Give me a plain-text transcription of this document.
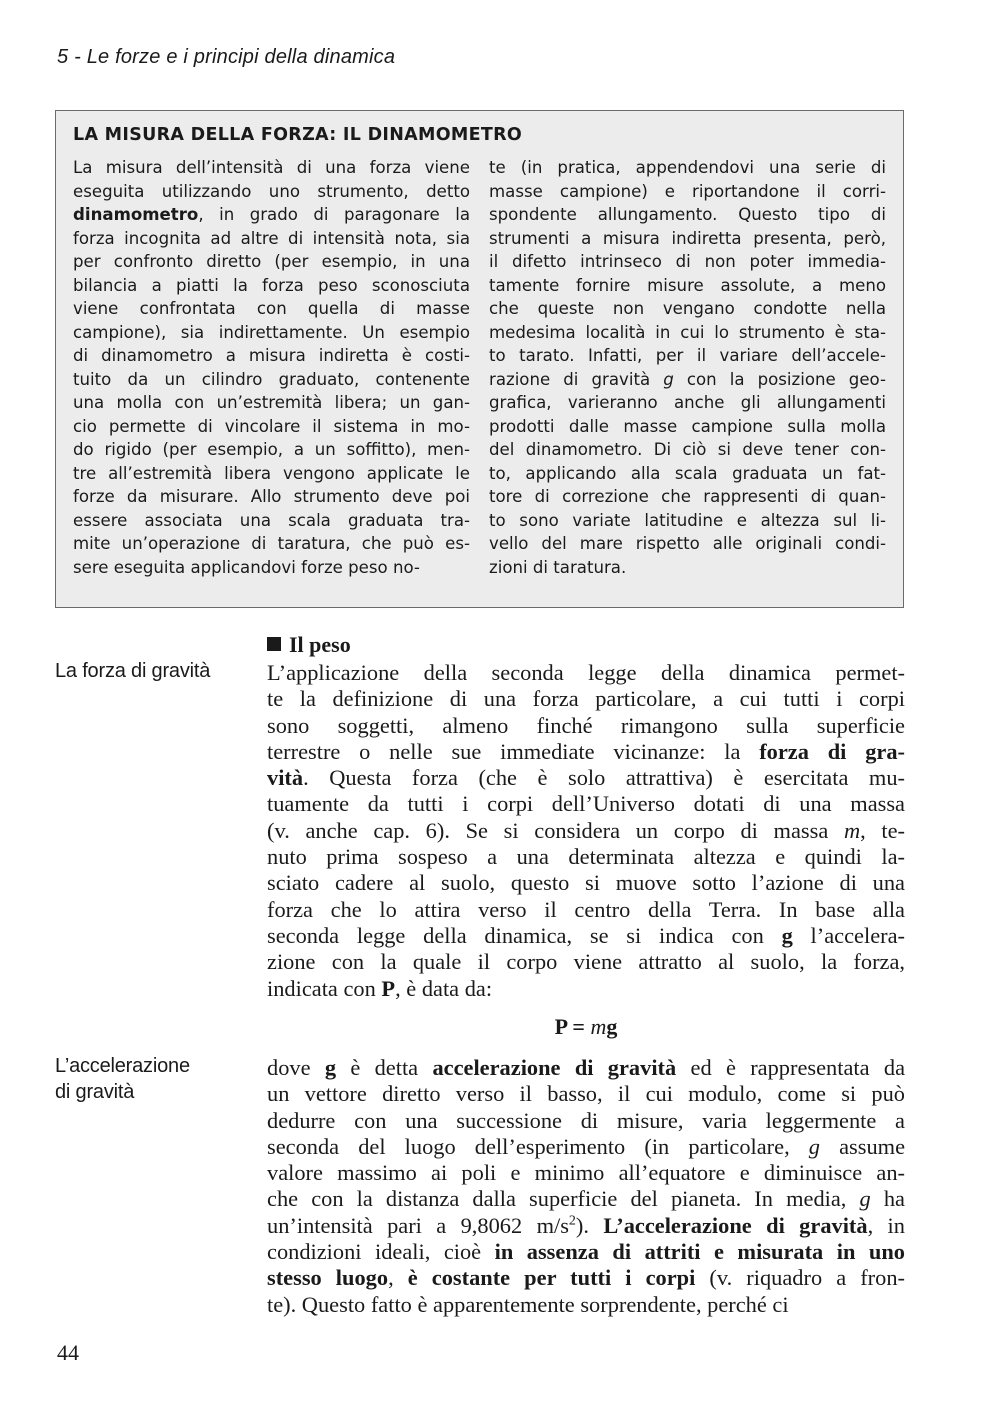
5 - Le forze e i principi della dinamica
LA MISURA DELLA FORZA: IL DINAMOMETRO
La misura dell’intensità di una forza viene
eseguita utilizzando uno strumento, detto
dinamometro, in grado di paragonare la
forza incognita ad altre di intensità nota, sia
per confronto diretto (per esempio, in una
bilancia a piatti la forza peso sconosciuta
viene confrontata con quella di masse
campione), sia indirettamente. Un esempio
di dinamometro a misura indiretta è costi-
tuito da un cilindro graduato, contenente
una molla con un’estremità libera; un gan-
cio permette di vincolare il sistema in mo-
do rigido (per esempio, a un soffitto), men-
tre all’estremità libera vengono applicate le
forze da misurare. Allo strumento deve poi
essere associata una scala graduata tra-
mite un’operazione di taratura, che può es-
sere eseguita applicandovi forze peso no-
te (in pratica, appendendovi una serie di
masse campione) e riportandone il corri-
spondente allungamento. Questo tipo di
strumenti a misura indiretta presenta, però,
il difetto intrinseco di non poter immedia-
tamente fornire misure assolute, a meno
che queste non vengano condotte nella
medesima località in cui lo strumento è sta-
to tarato. Infatti, per il variare dell’accele-
razione di gravità g con la posizione geo-
grafica, varieranno anche gli allungamenti
prodotti dalle masse campione sulla molla
del dinamometro. Di ciò si deve tener con-
to, applicando alla scala graduata un fat-
tore di correzione che rappresenti di quan-
to sono variate latitudine e altezza sul li-
vello del mare rispetto alle originali condi-
zioni di taratura.
Il peso
La forza di gravità
L’accelerazione
di gravità
L’applicazione della seconda legge della dinamica permet-
te la definizione di una forza particolare, a cui tutti i corpi
sono soggetti, almeno finché rimangono sulla superficie
terrestre o nelle sue immediate vicinanze: la forza di gra-
vità. Questa forza (che è solo attrattiva) è esercitata mu-
tuamente da tutti i corpi dell’Universo dotati di una massa
(v. anche cap. 6). Se si considera un corpo di massa m, te-
nuto prima sospeso a una determinata altezza e quindi la-
sciato cadere al suolo, questo si muove sotto l’azione di una
forza che lo attira verso il centro della Terra. In base alla
seconda legge della dinamica, se si indica con g l’accelera-
zione con la quale il corpo viene attratto al suolo, la forza,
indicata con P, è data da:
P = mg
dove g è detta accelerazione di gravità ed è rappresentata da
un vettore diretto verso il basso, il cui modulo, come si può
dedurre con una successione di misure, varia leggermente a
seconda del luogo dell’esperimento (in particolare, g assume
valore massimo ai poli e minimo all’equatore e diminuisce an-
che con la distanza dalla superficie del pianeta. In media, g ha
un’intensità pari a 9,8062 $m/s^2$). L’accelerazione di gravità, in
condizioni ideali, cioè in assenza di attriti e misurata in uno
stesso luogo, è costante per tutti i corpi (v. riquadro a fron-
te). Questo fatto è apparentemente sorprendente, perché ci
44
